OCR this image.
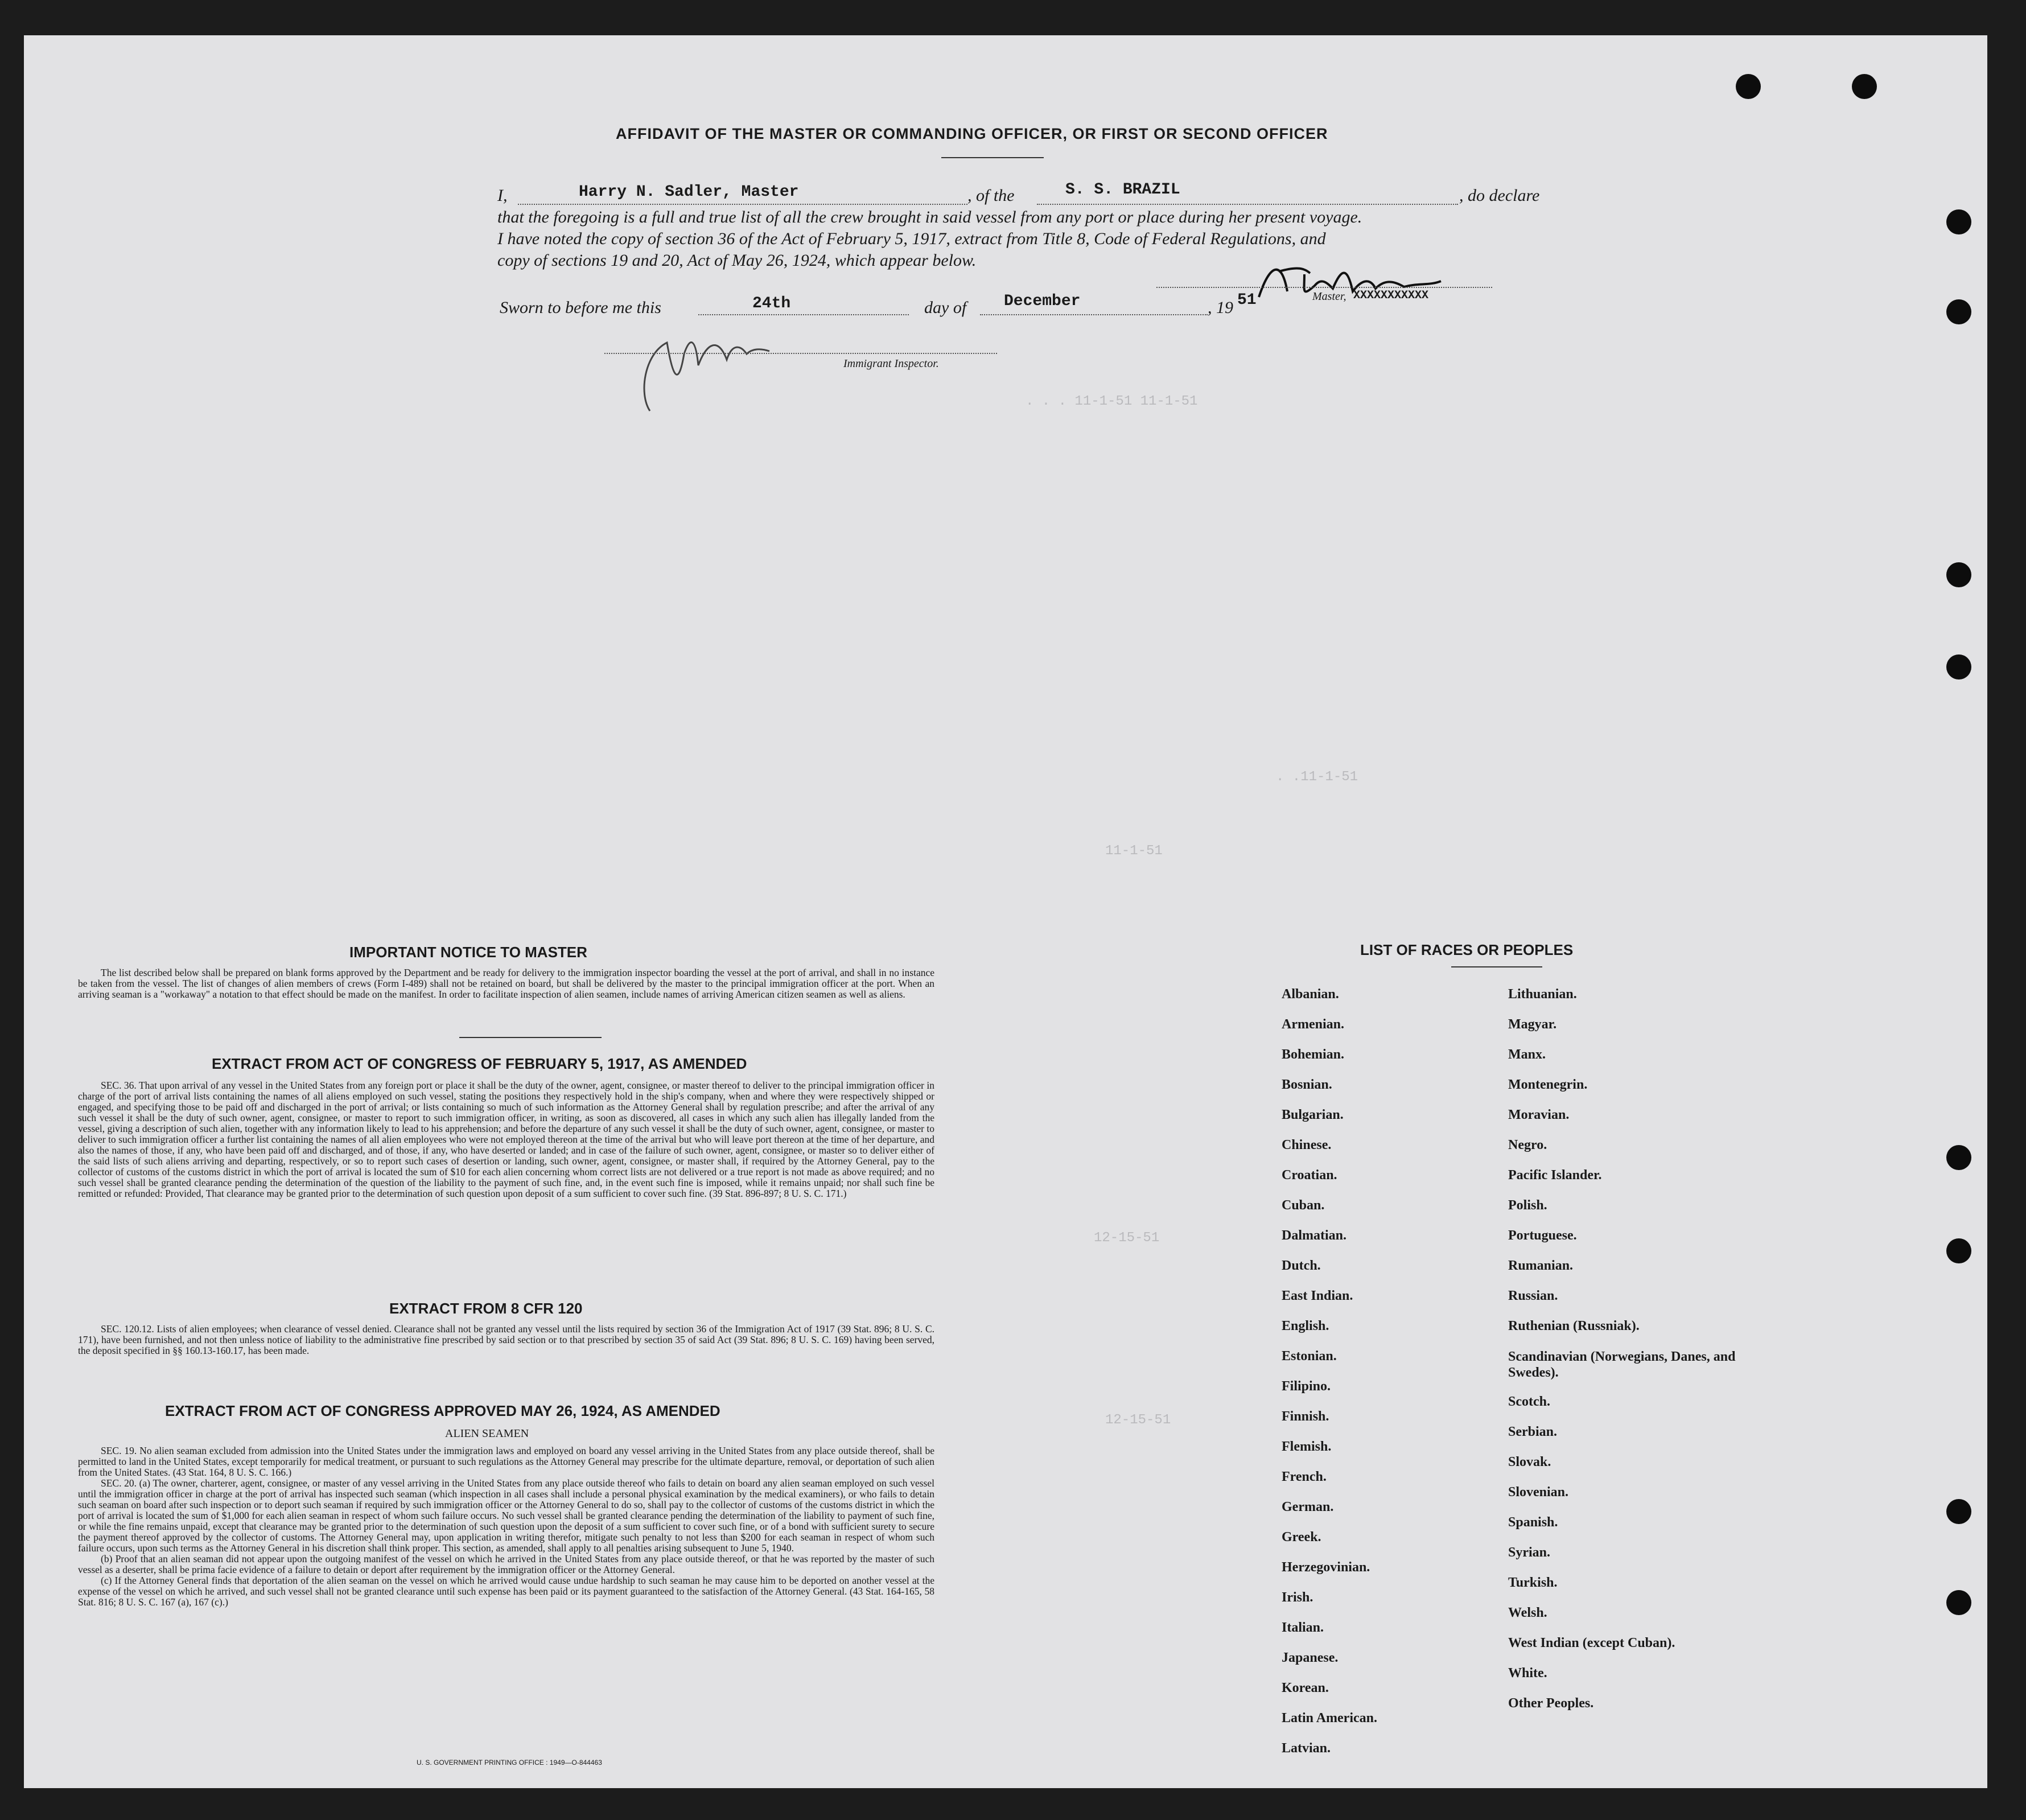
. . . 11-1-51 11-1-51
. .11-1-51
11-1-51
12-15-51
12-15-51
AFFIDAVIT OF THE MASTER OR COMMANDING OFFICER, OR FIRST OR SECOND OFFICER
I,	Harry N. Sadler, Master	, of the	S. S. BRAZIL	, do declare
that the foregoing is a full and true list of all the crew brought in said vessel from any port or place during her present voyage.
I have noted the copy of section 36 of the Act of February 5, 1917, extract from Title 8, Code of Federal Regulations, and
copy of sections 19 and 20, Act of May 26, 1924, which appear below.
Master, XXXXXXXXXXX
Sworn to before me this	24th	day of December	, 19 51
Immigrant Inspector.
IMPORTANT NOTICE TO MASTER

The list described below shall be prepared on blank forms approved by the Department and be ready for delivery to the immigration inspector boarding the vessel at the port of arrival, and shall in no instance be taken from the vessel. The list of changes of alien members of crews (Form I-489) shall not be retained on board, but shall be delivered by the master to the principal immigration officer at the port. When an arriving seaman is a "workaway" a notation to that effect should be made on the manifest. In order to facilitate inspection of alien seamen, include names of arriving American citizen seamen as well as aliens.

EXTRACT FROM ACT OF CONGRESS OF FEBRUARY 5, 1917, AS AMENDED

SEC. 36. That upon arrival of any vessel in the United States from any foreign port or place it shall be the duty of the owner, agent, consignee, or master thereof to deliver to the principal immigration officer in charge of the port of arrival lists containing the names of all aliens employed on such vessel, stating the positions they respectively hold in the ship's company, when and where they were respectively shipped or engaged, and specifying those to be paid off and discharged in the port of arrival; or lists containing so much of such information as the Attorney General shall by regulation prescribe; and after the arrival of any such vessel it shall be the duty of such owner, agent, consignee, or master to report to such immigration officer, in writing, as soon as discovered, all cases in which any such alien has illegally landed from the vessel, giving a description of such alien, together with any information likely to lead to his apprehension; and before the departure of any such vessel it shall be the duty of such owner, agent, consignee, or master to deliver to such immigration officer a further list containing the names of all alien employees who were not employed thereon at the time of the arrival but who will leave port thereon at the time of her departure, and also the names of those, if any, who have been paid off and discharged, and of those, if any, who have deserted or landed; and in case of the failure of such owner, agent, consignee, or master so to deliver either of the said lists of such aliens arriving and departing, respectively, or so to report such cases of desertion or landing, such owner, agent, consignee, or master shall, if required by the Attorney General, pay to the collector of customs of the customs district in which the port of arrival is located the sum of $10 for each alien concerning whom correct lists are not delivered or a true report is not made as above required; and no such vessel shall be granted clearance pending the determination of the question of the liability to the payment of such fine, and, in the event such fine is imposed, while it remains unpaid; nor shall such fine be remitted or refunded: Provided, That clearance may be granted prior to the determination of such question upon deposit of a sum sufficient to cover such fine. (39 Stat. 896-897; 8 U. S. C. 171.)

EXTRACT FROM 8 CFR 120

SEC. 120.12. Lists of alien employees; when clearance of vessel denied. Clearance shall not be granted any vessel until the lists required by section 36 of the Immigration Act of 1917 (39 Stat. 896; 8 U. S. C. 171), have been furnished, and not then unless notice of liability to the administrative fine prescribed by said section or to that prescribed by section 35 of said Act (39 Stat. 896; 8 U. S. C. 169) having been served, the deposit specified in §§ 160.13-160.17, has been made.

EXTRACT FROM ACT OF CONGRESS APPROVED MAY 26, 1924, AS AMENDED
ALIEN SEAMEN

SEC. 19. No alien seaman excluded from admission into the United States under the immigration laws and employed on board any vessel arriving in the United States from any place outside thereof, shall be permitted to land in the United States, except temporarily for medical treatment, or pursuant to such regulations as the Attorney General may prescribe for the ultimate departure, removal, or deportation of such alien from the United States. (43 Stat. 164, 8 U. S. C. 166.)

SEC. 20. (a) The owner, charterer, agent, consignee, or master of any vessel arriving in the United States from any place outside thereof who fails to detain on board any alien seaman employed on such vessel until the immigration officer in charge at the port of arrival has inspected such seaman (which inspection in all cases shall include a personal physical examination by the medical examiners), or who fails to detain such seaman on board after such inspection or to deport such seaman if required by such immigration officer or the Attorney General to do so, shall pay to the collector of customs of the customs district in which the port of arrival is located the sum of $1,000 for each alien seaman in respect of whom such failure occurs. No such vessel shall be granted clearance pending the determination of the liability to payment of such fine, or while the fine remains unpaid, except that clearance may be granted prior to the determination of such question upon the deposit of a sum sufficient to cover such fine, or of a bond with sufficient surety to secure the payment thereof approved by the collector of customs. The Attorney General may, upon application in writing therefor, mitigate such penalty to not less than $200 for each seaman in respect of whom such failure occurs, upon such terms as the Attorney General in his discretion shall think proper. This section, as amended, shall apply to all penalties arising subsequent to June 5, 1940.

(b) Proof that an alien seaman did not appear upon the outgoing manifest of the vessel on which he arrived in the United States from any place outside thereof, or that he was reported by the master of such vessel as a deserter, shall be prima facie evidence of a failure to detain or deport after requirement by the immigration officer or the Attorney General.

(c) If the Attorney General finds that deportation of the alien seaman on the vessel on which he arrived would cause undue hardship to such seaman he may cause him to be deported on another vessel at the expense of the vessel on which he arrived, and such vessel shall not be granted clearance until such expense has been paid or its payment guaranteed to the satisfaction of the Attorney General. (43 Stat. 164-165, 58 Stat. 816; 8 U. S. C. 167 (a), 167 (c).)

U. S. GOVERNMENT PRINTING OFFICE : 1949—O-844463
LIST OF RACES OR PEOPLES
Albanian.
Armenian.
Bohemian.
Bosnian.
Bulgarian.
Chinese.
Croatian.
Cuban.
Dalmatian.
Dutch.
East Indian.
English.
Estonian.
Filipino.
Finnish.
Flemish.
French.
German.
Greek.
Herzegovinian.
Irish.
Italian.
Japanese.
Korean.
Latin American.
Latvian.
Lithuanian.
Magyar.
Manx.
Montenegrin.
Moravian.
Negro.
Pacific Islander.
Polish.
Portuguese.
Rumanian.
Russian.
Ruthenian (Russniak).
Scandinavian (Norwegians, Danes, and Swedes).
Scotch.
Serbian.
Slovak.
Slovenian.
Spanish.
Syrian.
Turkish.
Welsh.
West Indian (except Cuban).
White.
Other Peoples.
